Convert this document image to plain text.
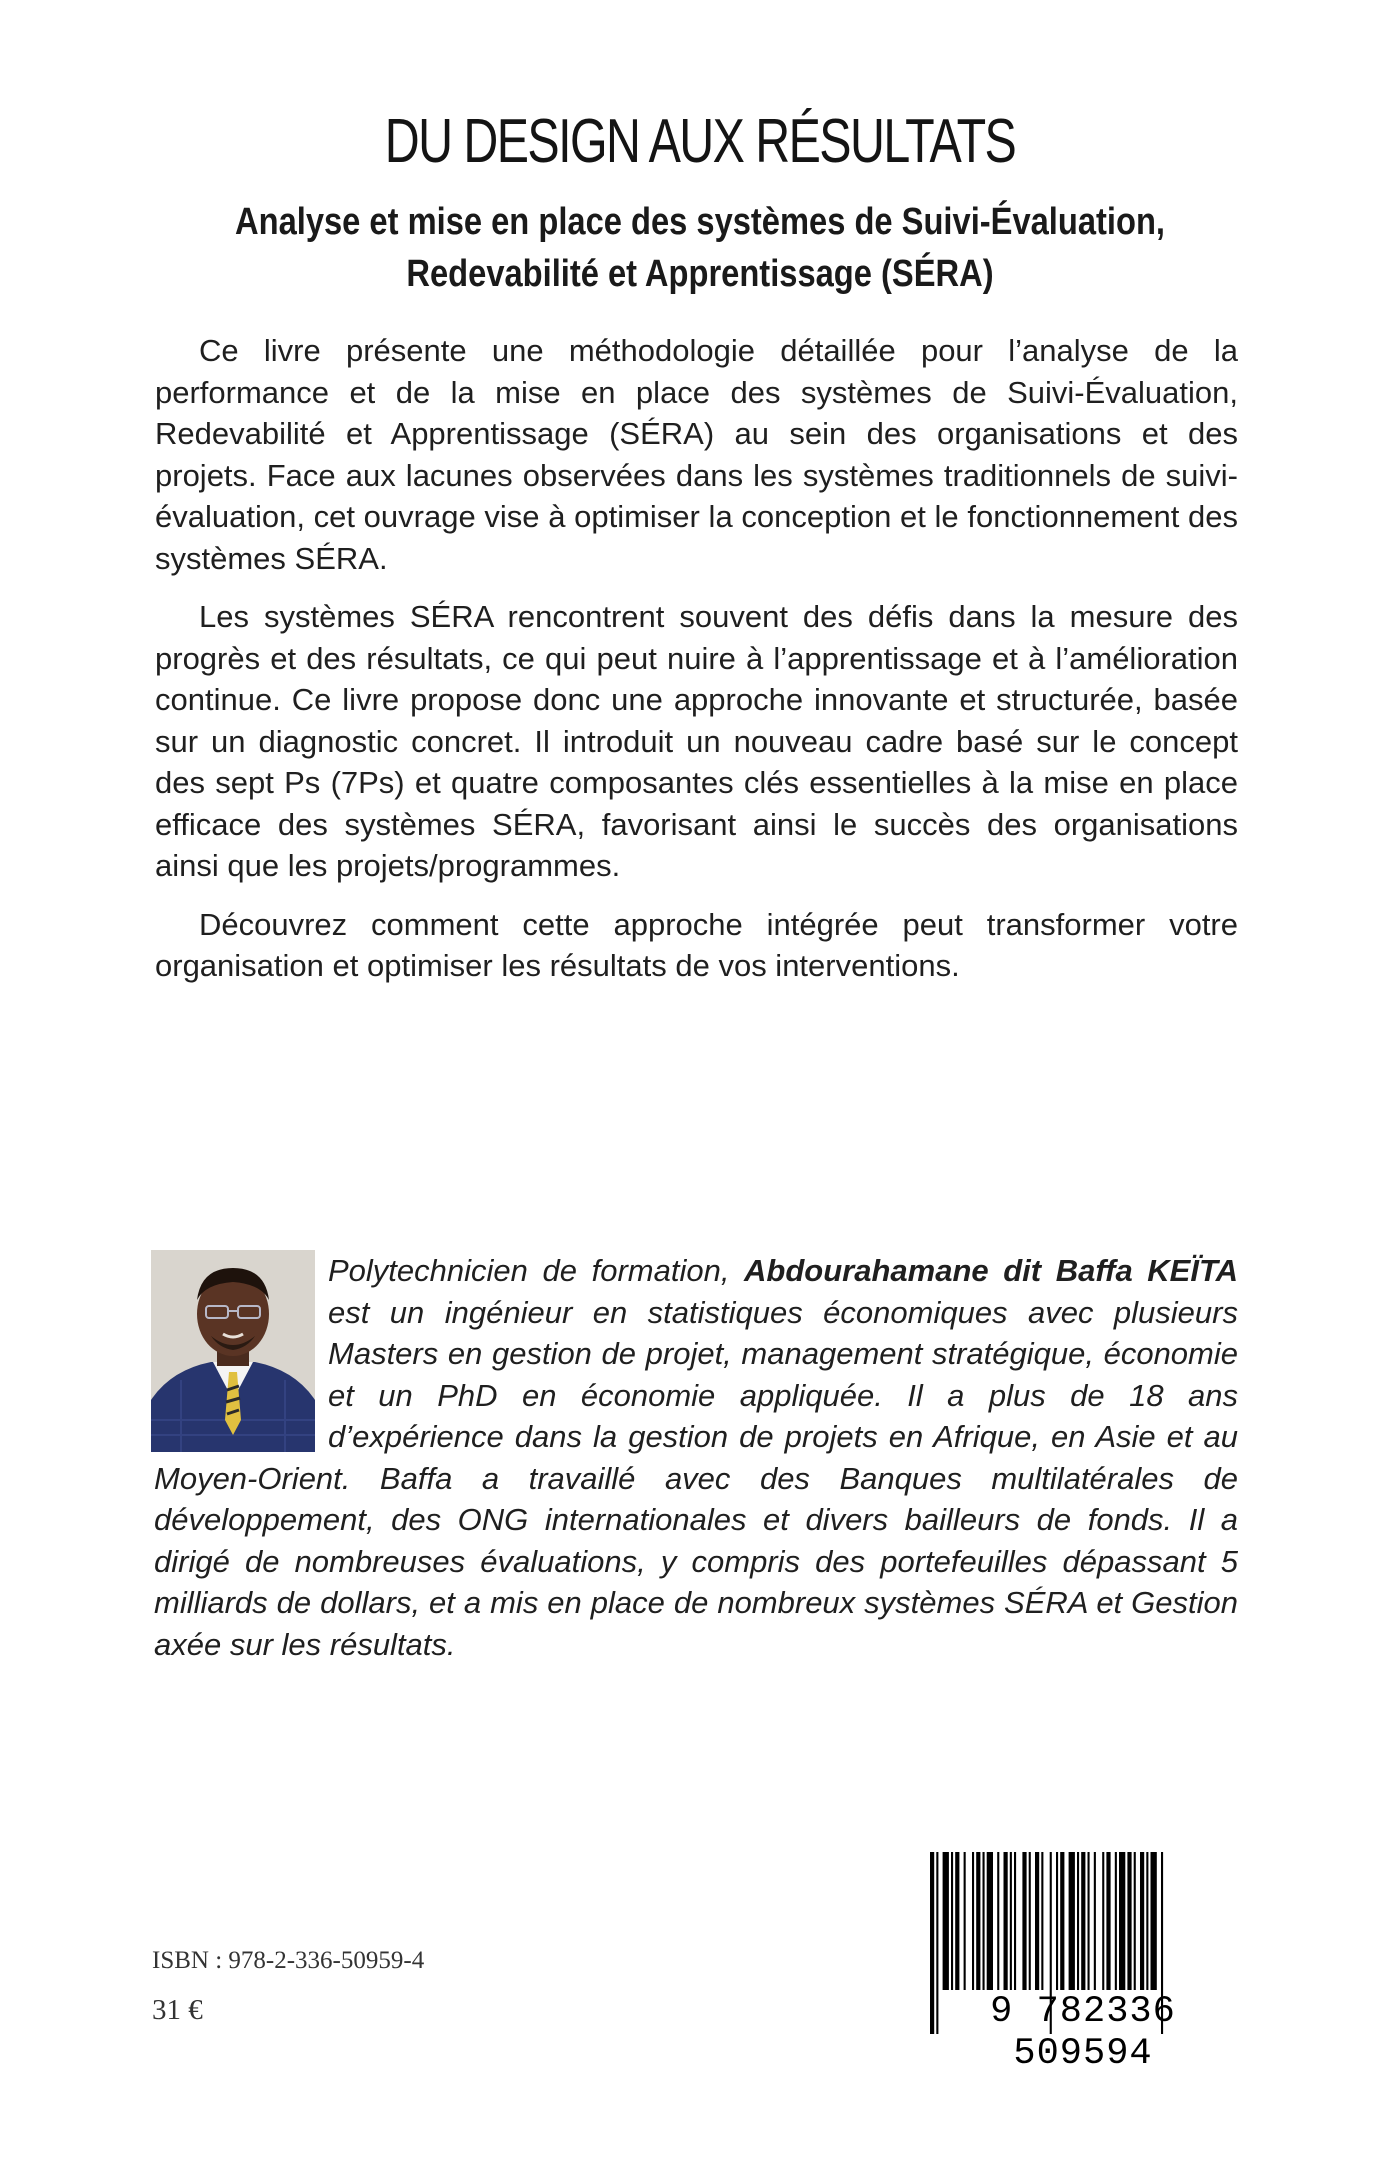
DU DESIGN AUX RÉSULTATS
Analyse et mise en place des systèmes de Suivi-Évaluation,
Redevabilité et Apprentissage (SÉRA)

Ce livre présente une méthodologie détaillée pour l’analyse de la performance et de la mise en place des systèmes de Suivi-Évaluation, Redevabilité et Apprentissage (SÉRA) au sein des organisations et des projets. Face aux lacunes observées dans les systèmes traditionnels de suivi-évaluation, cet ouvrage vise à optimiser la conception et le fonctionnement des systèmes SÉRA.

Les systèmes SÉRA rencontrent souvent des défis dans la mesure des progrès et des résultats, ce qui peut nuire à l’apprentissage et à l’amélioration continue. Ce livre propose donc une approche innovante et structurée, basée sur un diagnostic concret. Il introduit un nouveau cadre basé sur le concept des sept Ps (7Ps) et quatre composantes clés essentielles à la mise en place efficace des systèmes SÉRA, favorisant ainsi le succès des organisations ainsi que les projets/programmes.

Découvrez comment cette approche intégrée peut transformer votre organisation et optimiser les résultats de vos interventions.

Polytechnicien de formation, Abdourahamane dit Baffa KEÏTA est un ingénieur en statistiques économiques avec plusieurs Masters en gestion de projet, management stratégique, économie et un PhD en économie appliquée. Il a plus de 18 ans d’expérience dans la gestion de projets en Afrique, en Asie et au Moyen-Orient. Baffa a travaillé avec des Banques multilatérales de développement, des ONG internationales et divers bailleurs de fonds. Il a dirigé de nombreuses évaluations, y compris des portefeuilles dépassant 5 milliards de dollars, et a mis en place de nombreux systèmes SÉRA et Gestion axée sur les résultats.
ISBN : 978-2-336-50959-4
31 €	9 782336 509594
